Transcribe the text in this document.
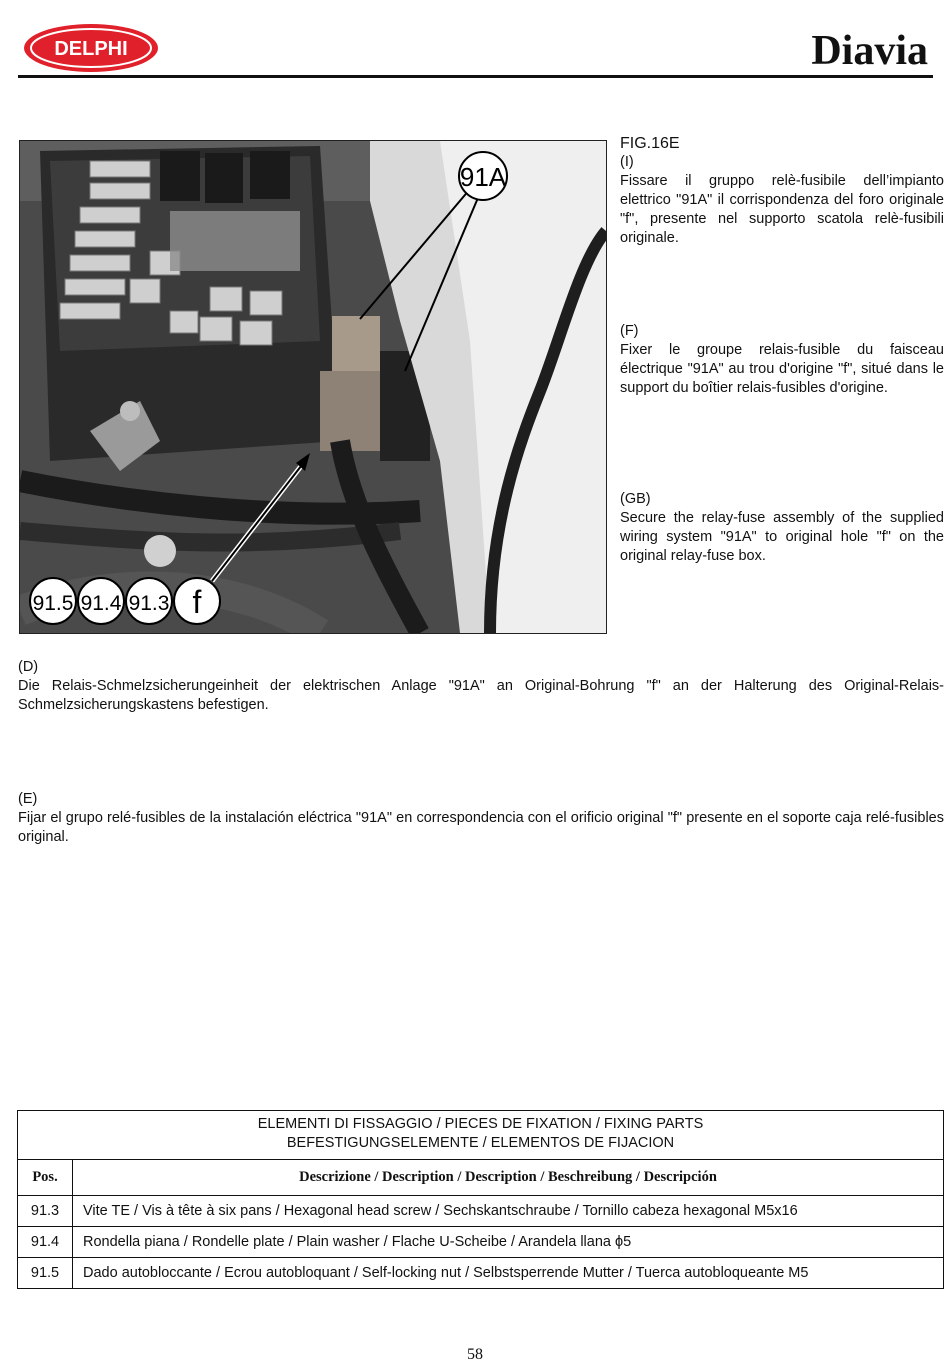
DELPHI	Diavia
91A
91.5 91.4 91.3 f
FIG.16E

(I)

Fissare il gruppo relè-fusibile dell’impianto elettrico "91A" il corrispondenza del foro originale "f", presente nel supporto scatola relè-fusibili originale.

(F)

Fixer le groupe relais-fusible du faisceau électrique "91A" au trou d'origine "f", situé dans le support du boîtier relais-fusibles d'origine.

(GB)

Secure the relay-fuse assembly of the supplied wiring system "91A" to original hole "f" on the original relay-fuse box.

(D)

Die Relais-Schmelzsicherungeinheit der elektrischen Anlage "91A" an Original-Bohrung "f" an der Halterung des Original-Relais-Schmelzsicherungskastens befestigen.

(E)

Fijar el grupo relé-fusibles de la instalación eléctrica "91A" en correspondencia con el orificio original "f" presente en el soporte caja relé-fusibles original.

ELEMENTI DI FISSAGGIO / PIECES DE FIXATION / FIXING PARTS
BEFESTIGUNGSELEMENTE / ELEMENTOS DE FIJACION	

Pos.	Descrizione / Description / Description / Beschreibung / Descripción
91.3	Vite TE / Vis à tête à six pans / Hexagonal head screw / Sechskantschraube / Tornillo cabeza hexagonal M5x16
91.4	Rondella piana / Rondelle plate / Plain washer / Flache U-Scheibe / Arandela llana ϕ5
91.5	Dado autobloccante / Ecrou autobloquant / Self-locking nut / Selbstsperrende Mutter / Tuerca autobloqueante M5
58
